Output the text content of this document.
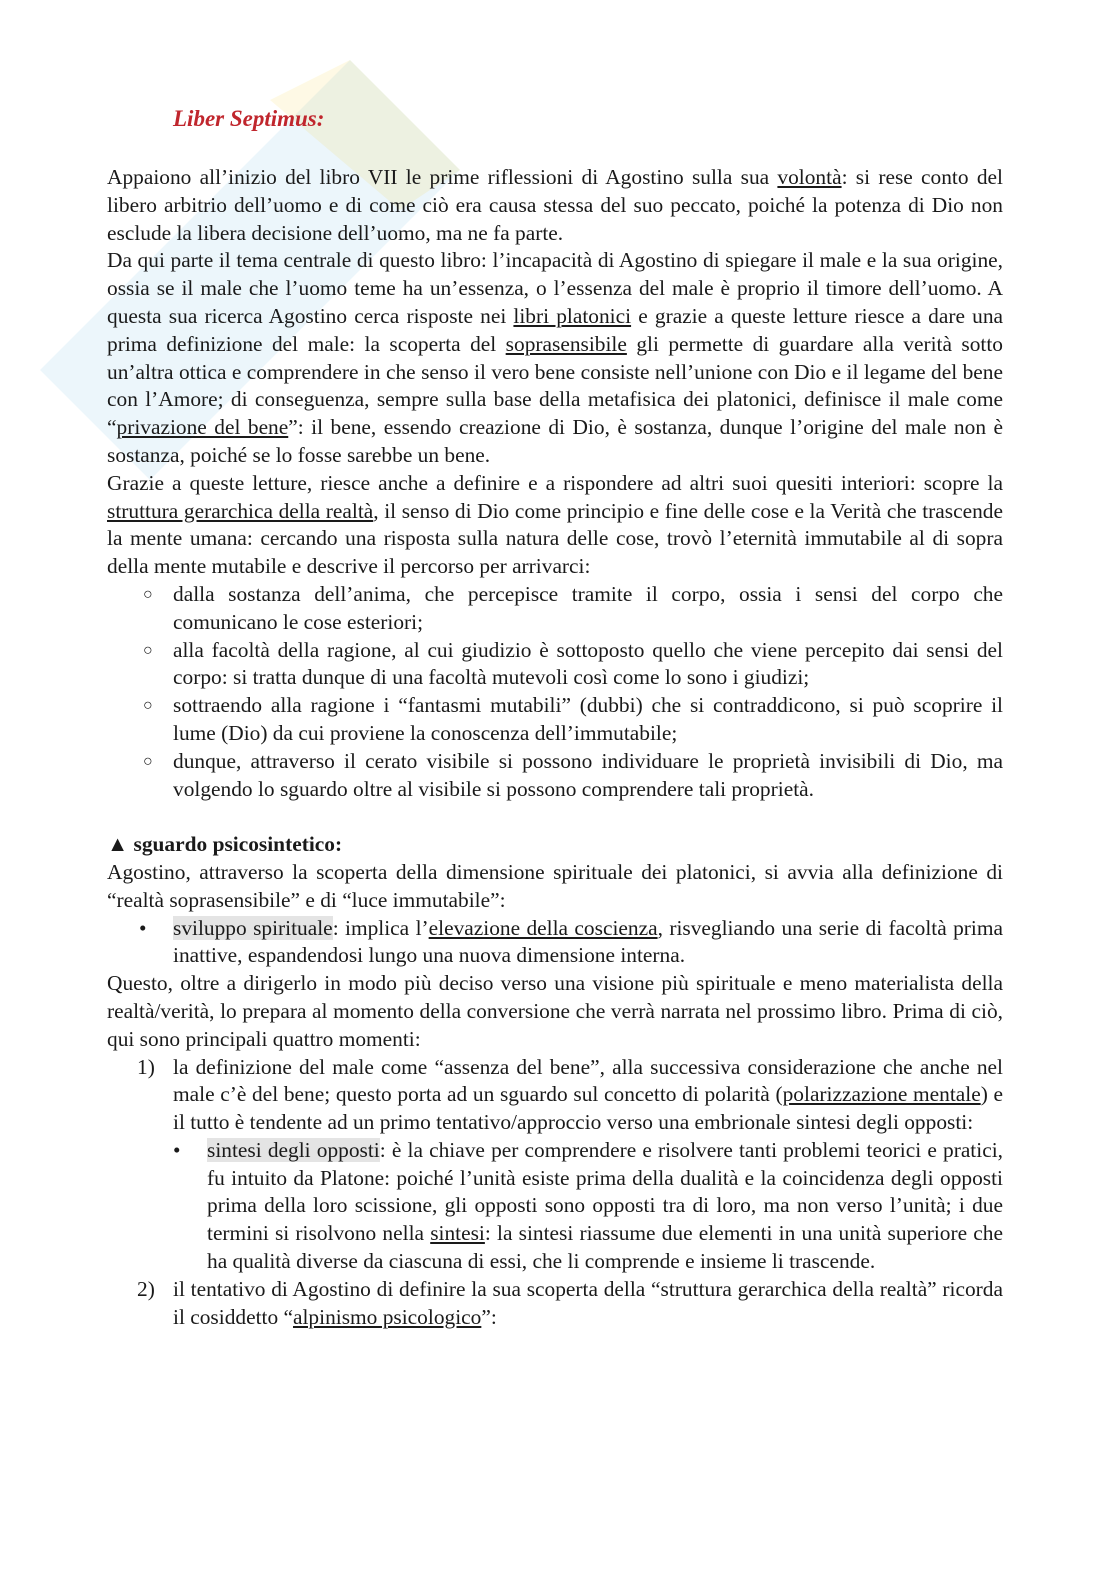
Liber Septimus:

Appaiono all’inizio del libro VII le prime riflessioni di Agostino sulla sua volontà: si rese conto del libero arbitrio dell’uomo e di come ciò era causa stessa del suo peccato, poiché la potenza di Dio non esclude la libera decisione dell’uomo, ma ne fa parte.

Da qui parte il tema centrale di questo libro: l’incapacità di Agostino di spiegare il male e la sua origine, ossia se il male che l’uomo teme ha un’essenza, o l’essenza del male è proprio il timore dell’uomo. A questa sua ricerca Agostino cerca risposte nei libri platonici e grazie a queste letture riesce a dare una prima definizione del male: la scoperta del soprasensibile gli permette di guardare alla verità sotto un’altra ottica e comprendere in che senso il vero bene consiste nell’unione con Dio e il legame del bene con l’Amore; di conseguenza, sempre sulla base della metafisica dei platonici, definisce il male come “privazione del bene”: il bene, essendo creazione di Dio, è sostanza, dunque l’origine del male non è sostanza, poiché se lo fosse sarebbe un bene.

Grazie a queste letture, riesce anche a definire e a rispondere ad altri suoi quesiti interiori: scopre la struttura gerarchica della realtà, il senso di Dio come principio e fine delle cose e la Verità che trascende la mente umana: cercando una risposta sulla natura delle cose, trovò l’eternità immutabile al di sopra della mente mutabile e descrive il percorso per arrivarci:

○ dalla sostanza dell’anima, che percepisce tramite il corpo, ossia i sensi del corpo che comunicano le cose esteriori;
○ alla facoltà della ragione, al cui giudizio è sottoposto quello che viene percepito dai sensi del corpo: si tratta dunque di una facoltà mutevoli così come lo sono i giudizi;
○ sottraendo alla ragione i “fantasmi mutabili” (dubbi) che si contraddicono, si può scoprire il lume (Dio) da cui proviene la conoscenza dell’immutabile;
○ dunque, attraverso il cerato visibile si possono individuare le proprietà invisibili di Dio, ma volgendo lo sguardo oltre al visibile si possono comprendere tali proprietà.

▲ sguardo psicosintetico:

Agostino, attraverso la scoperta della dimensione spirituale dei platonici, si avvia alla definizione di “realtà soprasensibile” e di “luce immutabile”:

• sviluppo spirituale: implica l’elevazione della coscienza, risvegliando una serie di facoltà prima inattive, espandendosi lungo una nuova dimensione interna.

Questo, oltre a dirigerlo in modo più deciso verso una visione più spirituale e meno materialista della realtà/verità, lo prepara al momento della conversione che verrà narrata nel prossimo libro. Prima di ciò, qui sono principali quattro momenti:

1) la definizione del male come “assenza del bene”, alla successiva considerazione che anche nel male c’è del bene; questo porta ad un sguardo sul concetto di polarità (polarizzazione mentale) e il tutto è tendente ad un primo tentativo/approccio verso una embrionale sintesi degli opposti:
• sintesi degli opposti: è la chiave per comprendere e risolvere tanti problemi teorici e pratici, fu intuito da Platone: poiché l’unità esiste prima della dualità e la coincidenza degli opposti prima della loro scissione, gli opposti sono opposti tra di loro, ma non verso l’unità; i due termini si risolvono nella sintesi: la sintesi riassume due elementi in una unità superiore che ha qualità diverse da ciascuna di essi, che li comprende e insieme li trascende.
2) il tentativo di Agostino di definire la sua scoperta della “struttura gerarchica della realtà” ricorda il cosiddetto “alpinismo psicologico”:
